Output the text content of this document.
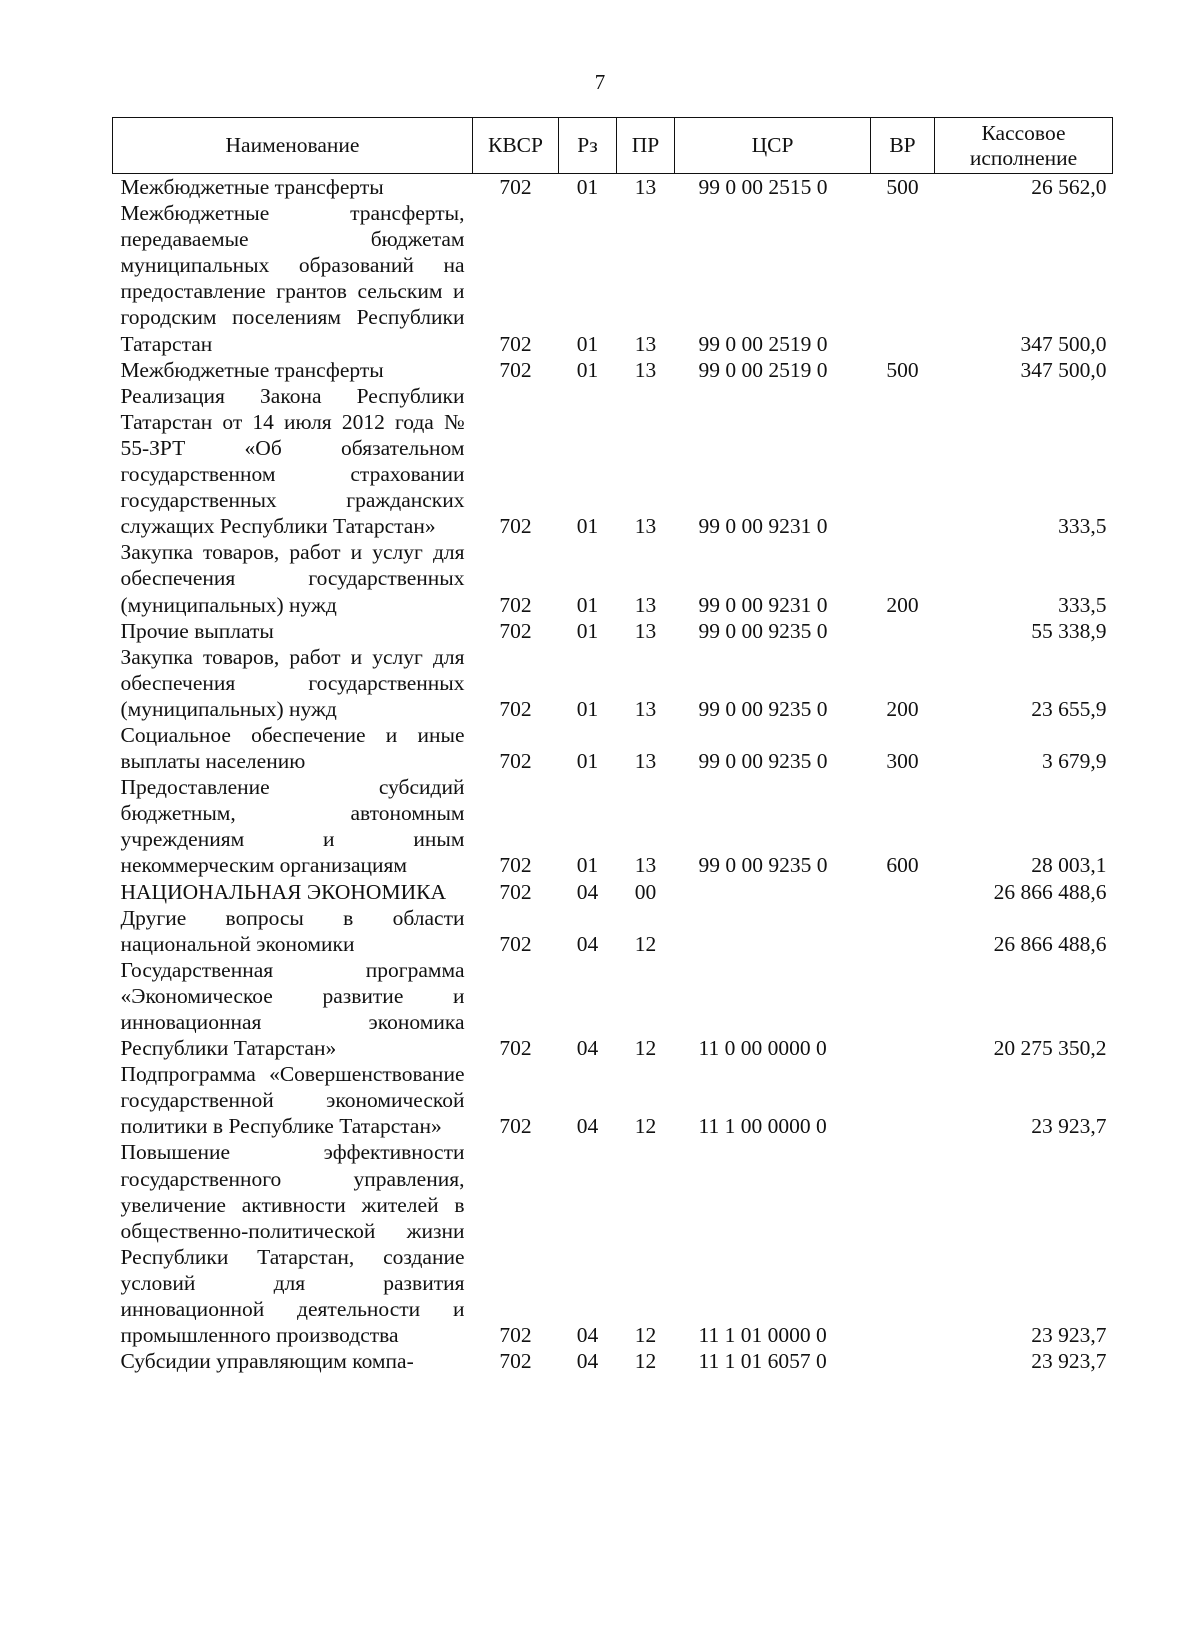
7
Наименование	КВСР	Рз	ПР	ЦСР	ВР	Кассовое исполнение
Межбюджетные трансферты	702	01	13	99 0 00 2515 0	500	26 562,0
Межбюджетные трансферты, передаваемые бюджетам муниципальных образований на предоставление грантов сельским и городским поселениям Республики Татарстан	702	01	13	99 0 00 2519 0		347 500,0
Межбюджетные трансферты	702	01	13	99 0 00 2519 0	500	347 500,0
Реализация Закона Республики Татарстан от 14 июля 2012 года № 55-ЗРТ «Об обязательном государственном страховании государственных гражданских служащих Республики Татарстан»	702	01	13	99 0 00 9231 0		333,5
Закупка товаров, работ и услуг для обеспечения государственных (муниципальных) нужд	702	01	13	99 0 00 9231 0	200	333,5
Прочие выплаты	702	01	13	99 0 00 9235 0		55 338,9
Закупка товаров, работ и услуг для обеспечения государственных (муниципальных) нужд	702	01	13	99 0 00 9235 0	200	23 655,9
Социальное обеспечение и иные выплаты населению	702	01	13	99 0 00 9235 0	300	3 679,9
Предоставление субсидий бюджетным, автономным учреждениям и иным некоммерческим организациям	702	01	13	99 0 00 9235 0	600	28 003,1
НАЦИОНАЛЬНАЯ ЭКОНОМИКА	702	04	00			26 866 488,6
Другие вопросы в области национальной экономики	702	04	12			26 866 488,6
Государственная программа «Экономическое развитие и инновационная экономика Республики Татарстан»	702	04	12	11 0 00 0000 0		20 275 350,2
Подпрограмма «Совершенствование государственной экономической политики в Республике Татарстан»	702	04	12	11 1 00 0000 0		23 923,7
Повышение эффективности государственного управления, увеличение активности жителей в общественно-политической жизни Республики Татарстан, создание условий для развития инновационной деятельности и промышленного производства	702	04	12	11 1 01 0000 0		23 923,7
Субсидии управляющим компа-	702	04	12	11 1 01 6057 0		23 923,7
